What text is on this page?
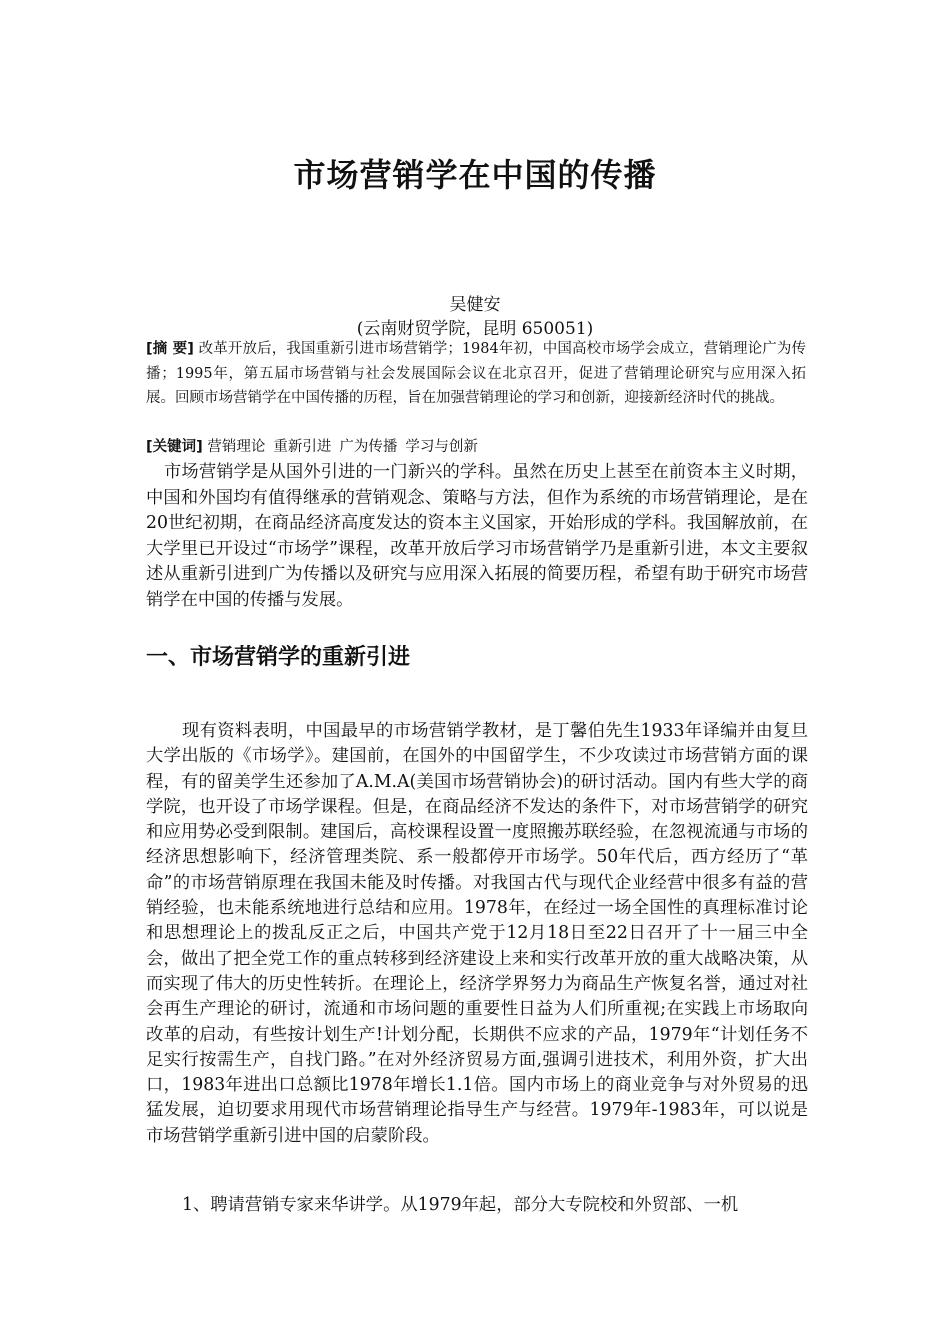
市场营销学在中国的传播
吴健安
(云南财贸学院，昆明 650051)
[摘 要] 改革开放后，我国重新引进市场营销学；1984年初，中国高校市场学会成立，营销理论广为传播；1995年，第五届市场营销与社会发展国际会议在北京召开，促进了营销理论研究与应用深入拓展。回顾市场营销学在中国传播的历程，旨在加强营销理论的学习和创新，迎接新经济时代的挑战。
[关键词] 营销理论 重新引进 广为传播 学习与创新
市场营销学是从国外引进的一门新兴的学科。虽然在历史上甚至在前资本主义时期，中国和外国均有值得继承的营销观念、策略与方法，但作为系统的市场营销理论，是在20世纪初期，在商品经济高度发达的资本主义国家，开始形成的学科。我国解放前，在大学里已开设过“市场学”课程，改革开放后学习市场营销学乃是重新引进，本文主要叙述从重新引进到广为传播以及研究与应用深入拓展的简要历程，希望有助于研究市场营销学在中国的传播与发展。
一、市场营销学的重新引进
现有资料表明，中国最早的市场营销学教材，是丁馨伯先生1933年译编并由复旦大学出版的《市场学》。建国前，在国外的中国留学生，不少攻读过市场营销方面的课程，有的留美学生还参加了A.M.A(美国市场营销协会)的研讨活动。国内有些大学的商学院，也开设了市场学课程。但是，在商品经济不发达的条件下，对市场营销学的研究和应用势必受到限制。建国后，高校课程设置一度照搬苏联经验，在忽视流通与市场的经济思想影响下，经济管理类院、系一般都停开市场学。50年代后，西方经历了“革命”的市场营销原理在我国未能及时传播。对我国古代与现代企业经营中很多有益的营销经验，也未能系统地进行总结和应用。1978年，在经过一场全国性的真理标准讨论和思想理论上的拨乱反正之后，中国共产党于12月18日至22日召开了十一届三中全会，做出了把全党工作的重点转移到经济建设上来和实行改革开放的重大战略决策，从而实现了伟大的历史性转折。在理论上，经济学界努力为商品生产恢复名誉，通过对社会再生产理论的研讨，流通和市场问题的重要性日益为人们所重视;在实践上市场取向改革的启动，有些按计划生产!计划分配，长期供不应求的产品，1979年“计划任务不足实行按需生产，自找门路。”在对外经济贸易方面,强调引进技术，利用外资，扩大出口，1983年进出口总额比1978年增长1.1倍。国内市场上的商业竞争与对外贸易的迅猛发展，迫切要求用现代市场营销理论指导生产与经营。1979年-1983年，可以说是市场营销学重新引进中国的启蒙阶段。
1、聘请营销专家来华讲学。从1979年起，部分大专院校和外贸部、一机
